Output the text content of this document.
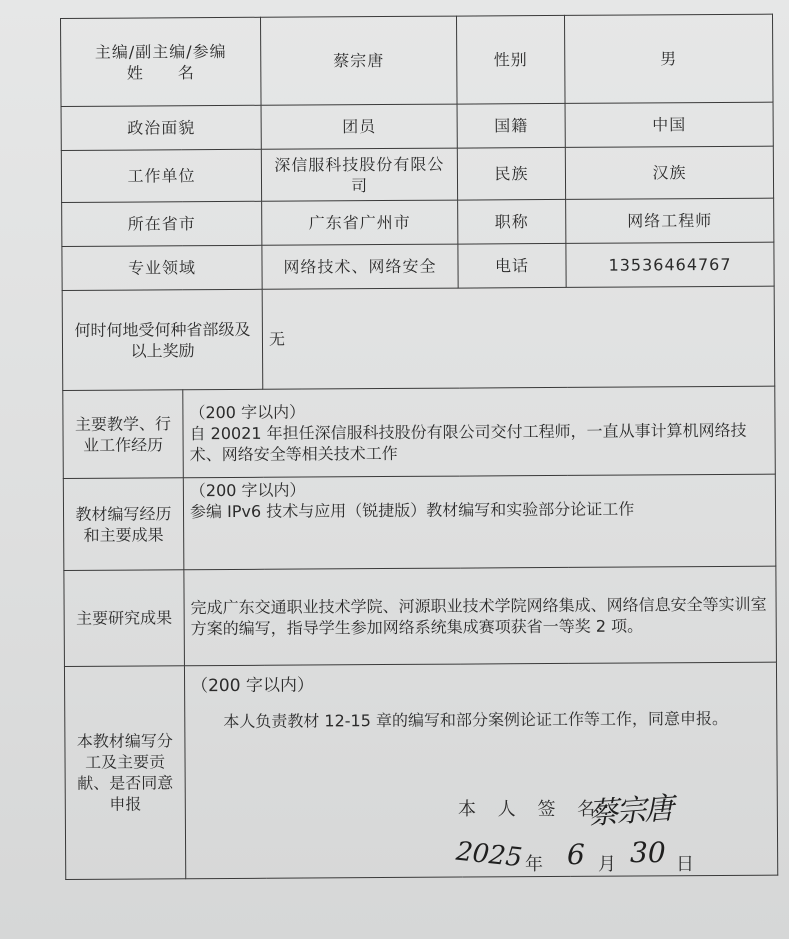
主编/副主编/参编
姓　　名		蔡宗唐	性别	男
政治面貌		团员	国籍	中国
工作单位		深信服科技股份有限公司	民族	汉族
所在省市		广东省广州市	职称	网络工程师
专业领域		网络技术、网络安全	电话	13536464767
何时何地受何种省部级及以上奖励		无		
主要教学、行业工作经历	（200 字以内）
自 20021 年担任深信服科技股份有限公司交付工程师，一直从事计算机网络技术、网络安全等相关技术工作			
教材编写经历和主要成果	（200 字以内）
参编 IPv6 技术与应用（锐捷版）教材编写和实验部分论证工作			
主要研究成果	完成广东交通职业技术学院、河源职业技术学院网络集成、网络信息安全等实训室方案的编写，指导学生参加网络系统集成赛项获省一等奖 2 项。			
本教材编写分工及主要贡献、是否同意申报	（200 字以内）
本人负责教材 12-15 章的编写和部分案例论证工作等工作，同意申报。			
本 人 签 名:
蔡宗唐
2025 年 6 月 30 日
